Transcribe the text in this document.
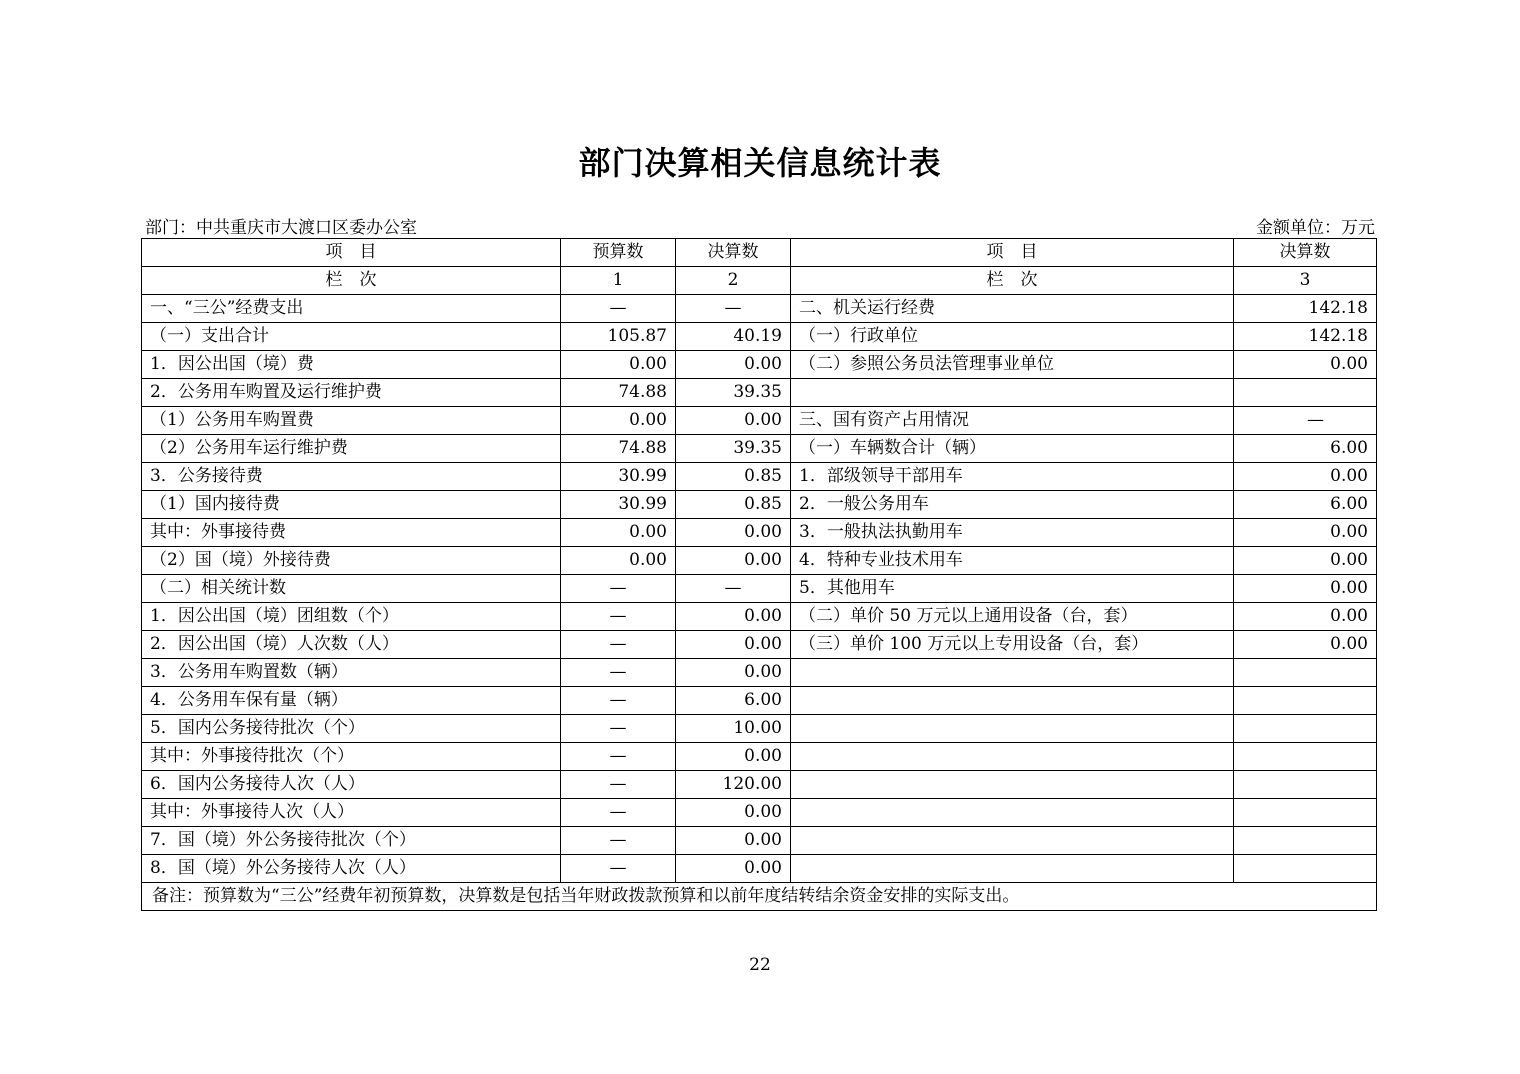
部门决算相关信息统计表
部门：中共重庆市大渡口区委办公室	金额单位：万元
项　目	预算数	决算数	项　目	决算数
栏　次	1	2	栏　次	3
一、“三公”经费支出	—	—	二、机关运行经费	142.18
（一）支出合计	105.87	40.19	（一）行政单位	142.18
1．因公出国（境）费	0.00	0.00	（二）参照公务员法管理事业单位	0.00
2．公务用车购置及运行维护费	74.88	39.35		
（1）公务用车购置费	0.00	0.00	三、国有资产占用情况	—
（2）公务用车运行维护费	74.88	39.35	（一）车辆数合计（辆）	6.00
3．公务接待费	30.99	0.85	1．部级领导干部用车	0.00
（1）国内接待费	30.99	0.85	2．一般公务用车	6.00
其中：外事接待费	0.00	0.00	3．一般执法执勤用车	0.00
（2）国（境）外接待费	0.00	0.00	4．特种专业技术用车	0.00
（二）相关统计数	—	—	5．其他用车	0.00
1．因公出国（境）团组数（个）	—	0.00	（二）单价 50 万元以上通用设备（台，套）	0.00
2．因公出国（境）人次数（人）	—	0.00	（三）单价 100 万元以上专用设备（台，套）	0.00
3．公务用车购置数（辆）	—	0.00		
4．公务用车保有量（辆）	—	6.00		
5．国内公务接待批次（个）	—	10.00		
其中：外事接待批次（个）	—	0.00		
6．国内公务接待人次（人）	—	120.00		
其中：外事接待人次（人）	—	0.00		
7．国（境）外公务接待批次（个）	—	0.00		
8．国（境）外公务接待人次（人）	—	0.00		
备注：预算数为“三公”经费年初预算数，决算数是包括当年财政拨款预算和以前年度结转结余资金安排的实际支出。				
22
